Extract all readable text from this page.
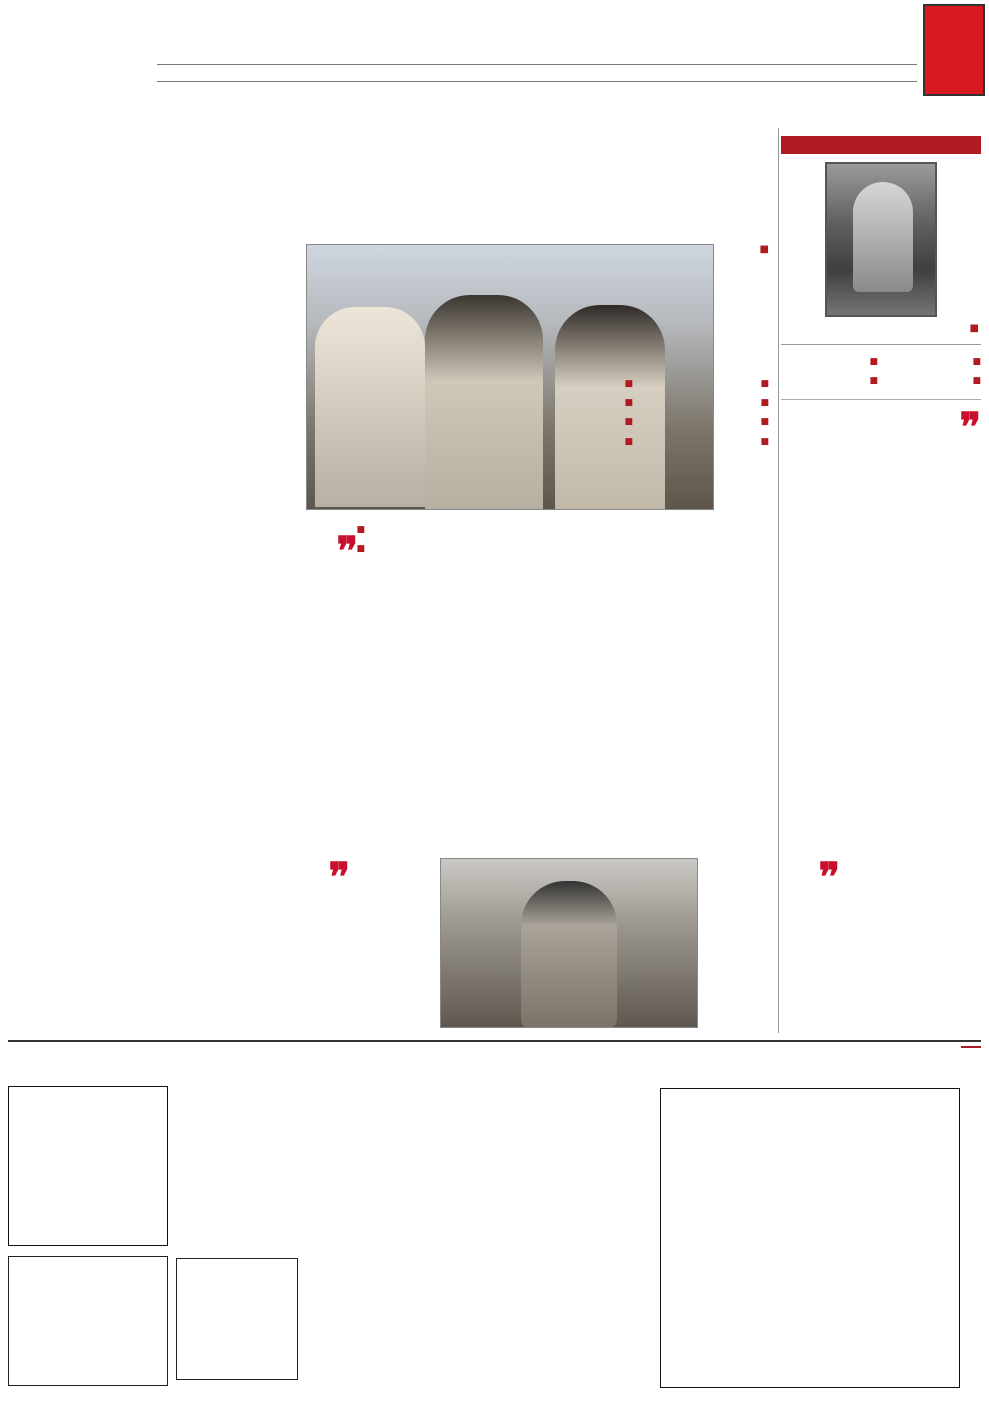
■
■
■
■
■
❞
■
■
■
■
■
■
■
■
■

■
■
❞
❞
❞
